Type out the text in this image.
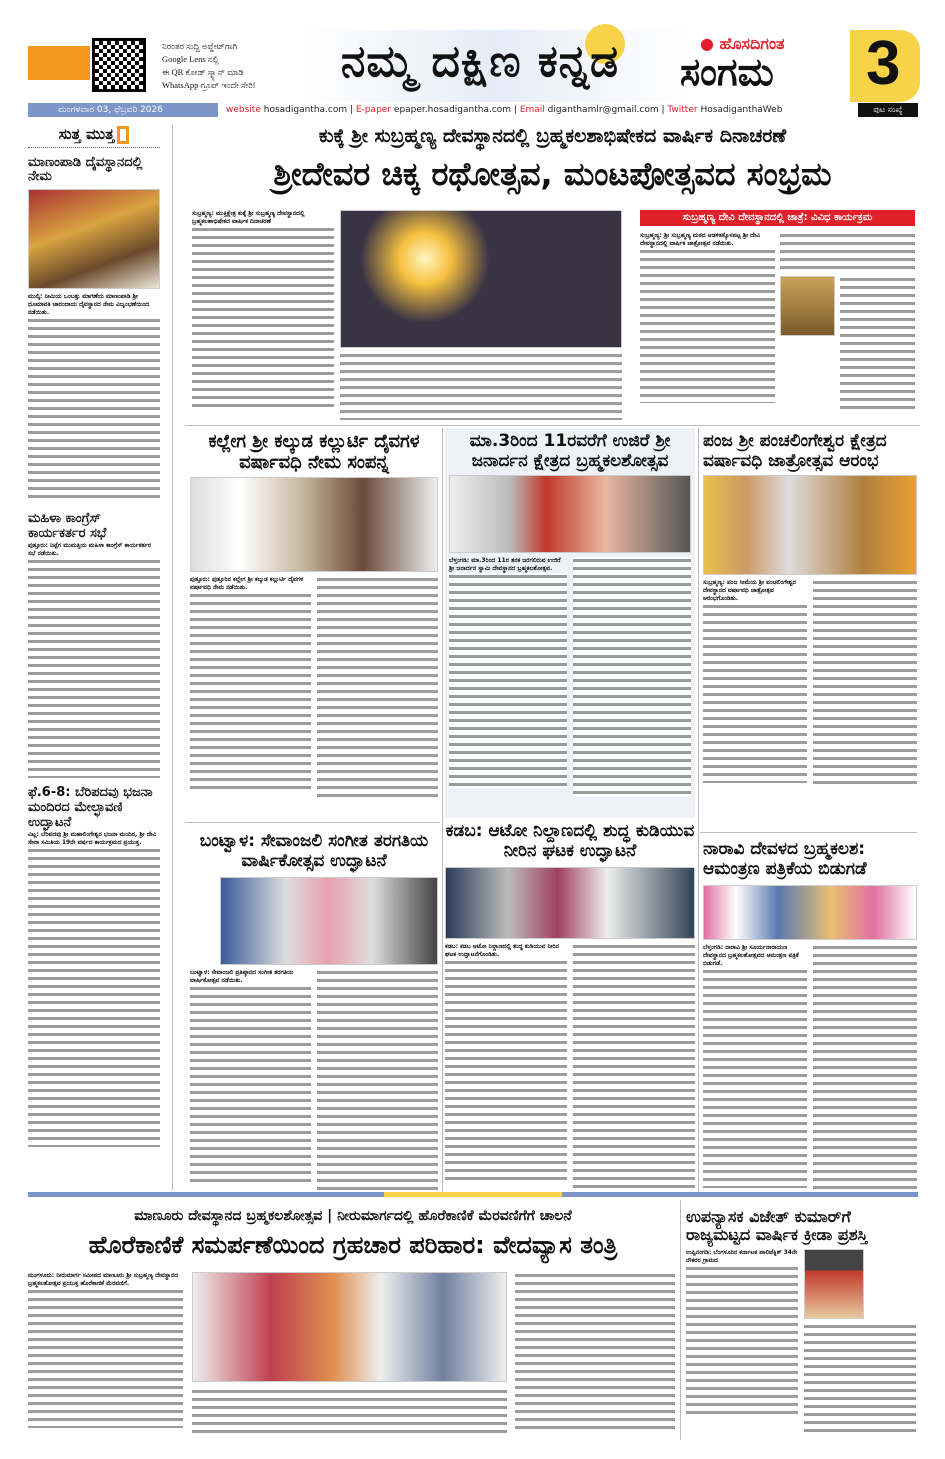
ನಿರಂತರ ಸುದ್ದಿ ಅಪ್ಡೇಟ್‌ಗಾಗಿ
Google Lens ನಲ್ಲಿ
ಈ QR ಕೋಡ್ ಸ್ಕ್ಯಾನ್ ಮಾಡಿ
WhatsApp ಗ್ರೂಪ್ ಇಂದೇ ಸೇರಿ!	ನಮ್ಮ ದಕ್ಷಿಣ ಕನ್ನಡ	● ಹೊಸದಿಗಂತ
ಸಂಗಮ 3
ಮಂಗಳವಾರ 03, ಫೆಬ್ರವರಿ 2026	website hosadigantha.com | E-paper epaper.hosadigantha.com | Email diganthamlr@gmail.com | Twitter HosadiganthaWeb	ಪುಟ ಸಂಖ್ಯೆ
ಸುತ್ತ ಮುತ್ತ
ಮಾಣಂಪಾಡಿ ದೈವಸ್ಥಾನದಲ್ಲಿ ನೇಮ
ಮುಲ್ಕಿ: ನೀಮಿಯ ಒಂಬತ್ತು ಮಾಗಣೆಯ ಮಾಣಂಪಾಡಿ ಶ್ರೀ ಧೂಮಾವತಿ ಜಾರಂದಾಯ ದೈವಸ್ಥಾನದ ನೇಮ ವಿಜೃಂಭಣೆಯಿಂದ ನಡೆಯಿತು.
ಮಹಿಳಾ ಕಾಂಗ್ರೆಸ್ ಕಾರ್ಯಕರ್ತರ ಸಭೆ
ಪುತ್ತೂರು: ನಿಟ್ಟೆಗ ಮುಮತ್ತಿಯ ಮಹಿಳಾ ಕಾಂಗ್ರೆಸ್ ಕಾರ್ಯಕರ್ತರ ಸಭೆ ನಡೆಯಿತು.
ಫೆ.6-8: ಬೆರಿಪದವು ಭಜನಾ ಮಂದಿರದ ಮೇಲ್ಛಾವಣಿ ಉದ್ಘಾಟನೆ
ವಿಟ್ಲ: ಬೆರಿಪದವು ಶ್ರೀ ಮಹಾಲಿಂಗೇಶ್ವರ ಭಜನಾ ಮಂದಿರ, ಶ್ರೀ ದೇವಿ ಸೇವಾ ಸಮಿತಿಯ 19ನೇ ವರ್ಷದ ಕಾರ್ಯಕ್ರಮದ ಪ್ರಯುಕ್ತ.
ಕುಕ್ಕೆ ಶ್ರೀ ಸುಬ್ರಹ್ಮಣ್ಯ ದೇವಸ್ಥಾನದಲ್ಲಿ ಬ್ರಹ್ಮಕಲಶಾಭಿಷೇಕದ ವಾರ್ಷಿಕ ದಿನಾಚರಣೆ
ಶ್ರೀದೇವರ ಚಿಕ್ಕ ರಥೋತ್ಸವ, ಮಂಟಪೋತ್ಸವದ ಸಂಭ್ರಮ
ಸುಬ್ರಹ್ಮಣ್ಯ: ಮುಕ್ತಿಕ್ಷೇತ್ರ ಕುಕ್ಕೆ ಶ್ರೀ ಸುಬ್ರಹ್ಮಣ್ಯ ದೇವಸ್ಥಾನದಲ್ಲಿ ಬ್ರಹ್ಮಕಲಶಾಭಿಷೇಕದ ವಾರ್ಷಿಕ ದಿನಾಚರಣೆ	ಸುಬ್ರಹ್ಮಣ್ಯ ದೇವಿ ದೇವಸ್ಥಾನದಲ್ಲಿ ಜಾತ್ರೆ: ವಿವಿಧ ಕಾರ್ಯಕ್ರಮ
ಸುಬ್ರಹ್ಮಣ್ಯ: ಶ್ರೀ ಸುಬ್ರಹ್ಮಣ್ಯ ಮಠದ ಆಡಳಿತಕ್ಕೊಳಪಟ್ಟ ಶ್ರೀ ದೇವಿ ದೇವಸ್ಥಾನದಲ್ಲಿ ವಾರ್ಷಿಕ ಜಾತ್ರೋತ್ಸವ ನಡೆಯಿತು.
ಕಲ್ಲೇಗ ಶ್ರೀ ಕಲ್ಕುಡ ಕಲ್ಲುರ್ಟಿ ದೈವಗಳ ವರ್ಷಾವಧಿ ನೇಮ ಸಂಪನ್ನ
ಪುತ್ತೂರು: ಪುತ್ತೂರಿನ ಕಲ್ಲೇಗ ಶ್ರೀ ಕಲ್ಕುಡ ಕಲ್ಲುರ್ಟಿ ದೈವಗಳ ವರ್ಷಾವಧಿ ನೇಮ ನಡೆಯಿತು.
ಮಾ.3ರಿಂದ 11ರವರೆಗೆ ಉಜಿರೆ ಶ್ರೀ ಜನಾರ್ದನ ಕ್ಷೇತ್ರದ ಬ್ರಹ್ಮಕಲಶೋತ್ಸವ
ಬೆಳ್ತಂಗಡಿ: ಮಾ.3ರಿಂದ 11ರ ತನಕ ಜರಗಲಿರುವ ಉಜಿರೆ ಶ್ರೀ ಜನಾರ್ದನ ಸ್ವಾಮಿ ದೇವಸ್ಥಾನದ ಬ್ರಹ್ಮಕಲಶೋತ್ಸವ.
ಪಂಜ ಶ್ರೀ ಪಂಚಲಿಂಗೇಶ್ವರ ಕ್ಷೇತ್ರದ ವರ್ಷಾವಧಿ ಜಾತ್ರೋತ್ಸವ ಆರಂಭ
ಸುಬ್ರಹ್ಮಣ್ಯ: ಪಂಜ ಸೀಮೆಯ ಶ್ರೀ ಪಂಚಲಿಂಗೇಶ್ವರ ದೇವಸ್ಥಾನದ ವರ್ಷಾವಧಿ ಜಾತ್ರೋತ್ಸವ ಆರಂಭಗೊಂಡಿತು.
ಬಂಟ್ವಾಳ: ಸೇವಾಂಜಲಿ ಸಂಗೀತ ತರಗತಿಯ ವಾರ್ಷಿಕೋತ್ಸವ ಉದ್ಘಾಟನೆ
ಬಂಟ್ವಾಳ: ಸೇವಾಂಜಲಿ ಪ್ರತಿಷ್ಠಾನದ ಸಂಗೀತ ತರಗತಿಯ ವಾರ್ಷಿಕೋತ್ಸವ ನಡೆಯಿತು.
ಕಡಬ: ಆಟೋ ನಿಲ್ದಾಣದಲ್ಲಿ ಶುದ್ಧ ಕುಡಿಯುವ ನೀರಿನ ಘಟಕ ಉದ್ಘಾಟನೆ
ಕಡಬ: ಕಡಬ ಆಟೋ ನಿಲ್ದಾಣದಲ್ಲಿ ಶುದ್ಧ ಕುಡಿಯುವ ನೀರಿನ ಘಟಕ ಉದ್ಘಾಟನೆಗೊಂಡಿತು.
ನಾರಾವಿ ದೇವಳದ ಬ್ರಹ್ಮಕಲಶ: ಆಮಂತ್ರಣ ಪತ್ರಿಕೆಯ ಬಿಡುಗಡೆ
ಬೆಳ್ತಂಗಡಿ: ನಾರಾವಿ ಶ್ರೀ ಸೂರ್ಯನಾರಾಯಣ ದೇವಸ್ಥಾನದ ಬ್ರಹ್ಮಕಲಶೋತ್ಸವದ ಆಮಂತ್ರಣ ಪತ್ರಿಕೆ ಬಿಡುಗಡೆ.
ಮಾಣೂರು ದೇವಸ್ಥಾನದ ಬ್ರಹ್ಮಕಲಶೋತ್ಸವ | ನೀರುಮಾರ್ಗದಲ್ಲಿ ಹೊರೆಕಾಣಿಕೆ ಮೆರವಣಿಗೆಗೆ ಚಾಲನೆ
ಹೊರೆಕಾಣಿಕೆ ಸಮರ್ಪಣೆಯಿಂದ ಗ್ರಹಚಾರ ಪರಿಹಾರ: ವೇದವ್ಯಾಸ ತಂತ್ರಿ
ಮಂಗಳೂರು: ನೀರುಮಾರ್ಗ ಸಮೀಪದ ಮಾಣೂರು ಶ್ರೀ ಸುಬ್ರಹ್ಮಣ್ಯ ದೇವಸ್ಥಾನದ ಬ್ರಹ್ಮಕಲಶೋತ್ಸವ ಪ್ರಯುಕ್ತ ಹೊರೆಕಾಣಿಕೆ ಮೆರವಣಿಗೆ.
ಉಪನ್ಯಾಸಕ ವಿಜೇತ್ ಕುಮಾರ್‌ಗೆ ರಾಜ್ಯಮಟ್ಟದ ವಾರ್ಷಿಕ ಕ್ರೀಡಾ ಪ್ರಶಸ್ತಿ
ಉಪ್ಪಿನಂಗಡಿ: ಬೆಂಗಳೂರಿನ ಕರ್ನಾಟಕ ಪಾಲಿಟೆಕ್ನಿಕ್ 34ನೇ ನೌಕರರ ಗ್ರಾಮದ
